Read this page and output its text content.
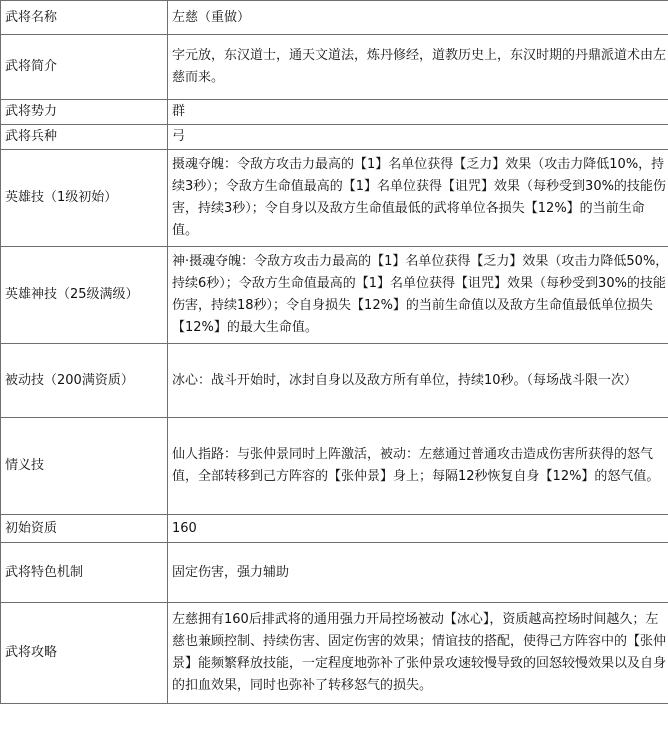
武将名称	左慈（重做）
武将简介	字元放，东汉道士，通天文道法，炼丹修经，道教历史上，东汉时期的丹鼎派道术由左慈而来。
武将势力	群
武将兵种	弓
英雄技（1级初始）	摄魂夺魄：令敌方攻击力最高的【1】名单位获得【乏力】效果（攻击力降低10%，持续3秒）；令敌方生命值最高的【1】名单位获得【诅咒】效果（每秒受到30%的技能伤害，持续3秒）；令自身以及敌方生命值最低的武将单位各损失【12%】的当前生命值。
英雄神技（25级满级）	神·摄魂夺魄：令敌方攻击力最高的【1】名单位获得【乏力】效果（攻击力降低50%，持续6秒）；令敌方生命值最高的【1】名单位获得【诅咒】效果（每秒受到30%的技能伤害，持续18秒）；令自身损失【12%】的当前生命值以及敌方生命值最低单位损失【12%】的最大生命值。
被动技（200满资质）	冰心：战斗开始时，冰封自身以及敌方所有单位，持续10秒。（每场战斗限一次）
情义技	仙人指路：与张仲景同时上阵激活，被动：左慈通过普通攻击造成伤害所获得的怒气值，全部转移到己方阵容的【张仲景】身上；每隔12秒恢复自身【12%】的怒气值。
初始资质	160
武将特色机制	固定伤害，强力辅助
武将攻略	左慈拥有160后排武将的通用强力开局控场被动【冰心】，资质越高控场时间越久；左慈也兼顾控制、持续伤害、固定伤害的效果；情谊技的搭配，使得己方阵容中的【张仲景】能频繁释放技能，一定程度地弥补了张仲景攻速较慢导致的回怒较慢效果以及自身的扣血效果，同时也弥补了转移怒气的损失。
